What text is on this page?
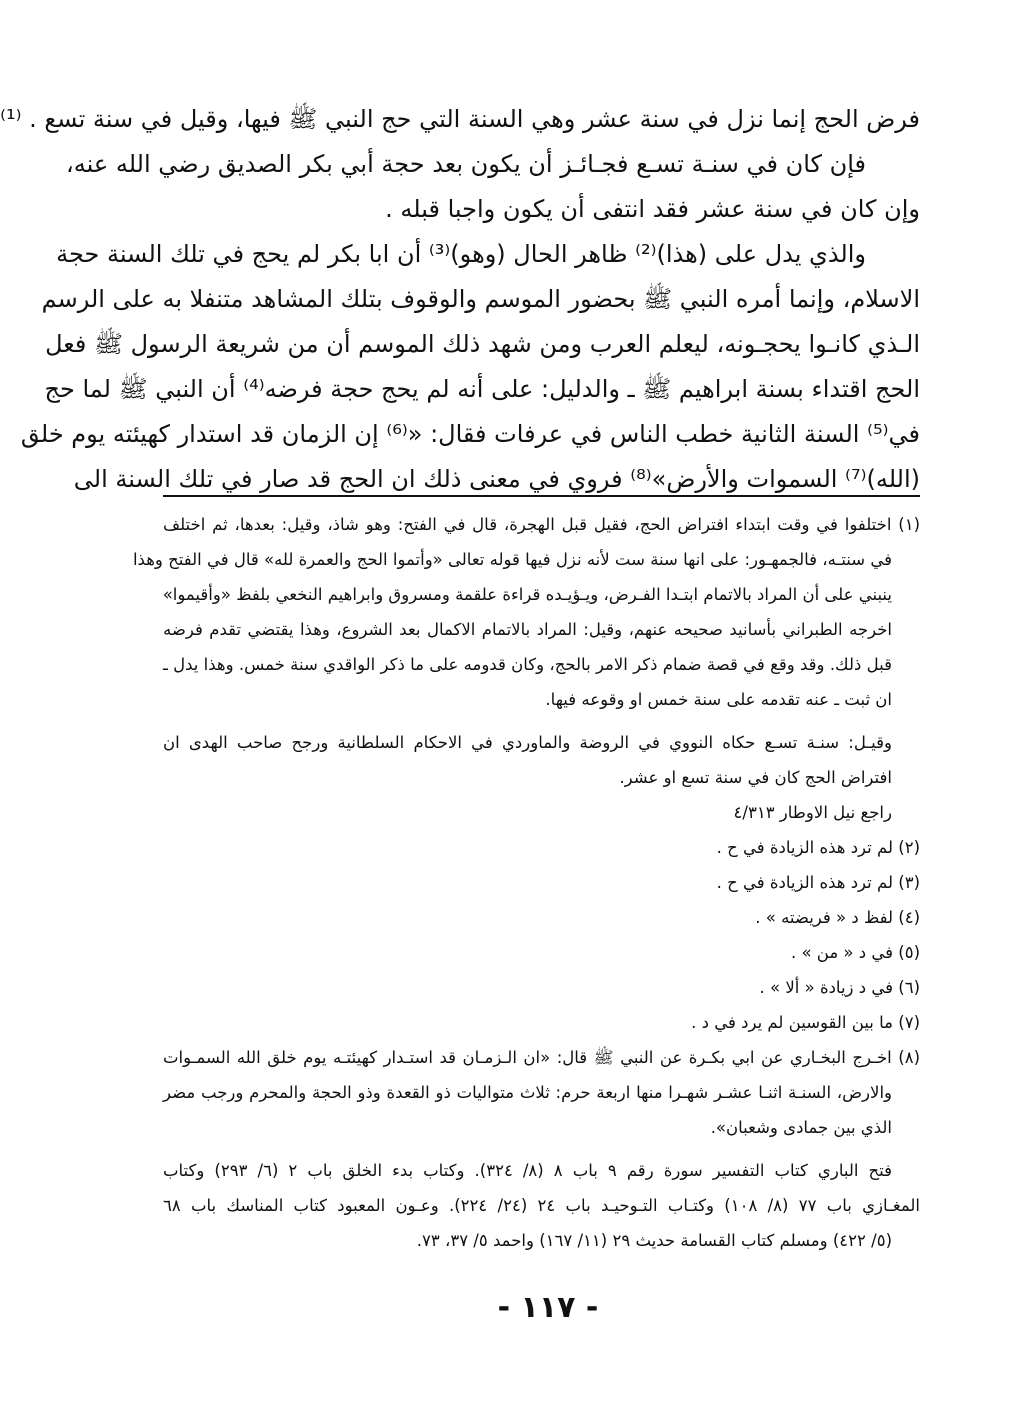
فرض الحج إنما نزل في سنة عشر وهي السنة التي حج النبي ﷺ فيها، وقيل في سنة تسع . ⁽¹⁾
فإن كان في سنـة تسـع فجـائـز أن يكون بعد حجة أبي بكر الصديق رضي الله عنه،
وإن كان في سنة عشر فقد انتفى أن يكون واجبا قبله .
والذي يدل على (هذا)⁽²⁾ ظاهر الحال (وهو)⁽³⁾ أن ابا بكر لم يحج في تلك السنة حجة
الاسلام، وإنما أمره النبي ﷺ بحضور الموسم والوقوف بتلك المشاهد متنفلا به على الرسم
الـذي كانـوا يحجـونه، ليعلم العرب ومن شهد ذلك الموسم أن من شريعة الرسول ﷺ فعل
الحج اقتداء بسنة ابراهيم ﷺ ـ والدليل: على أنه لم يحج حجة فرضه⁽⁴⁾ أن النبي ﷺ لما حج
في⁽⁵⁾ السنة الثانية خطب الناس في عرفات فقال: «⁽⁶⁾ إن الزمان قد استدار كهيئته يوم خلق
(الله)⁽⁷⁾ السموات والأرض»⁽⁸⁾ فروي في معنى ذلك ان الحج قد صار في تلك السنة الى
(١) اختلفوا في وقت ابتداء افتراض الحج، فقيل قبل الهجرة، قال في الفتح: وهو شاذ، وقيل: بعدها، ثم اختلف
في سنتـه، فالجمهـور: على انها سنة ست لأنه نزل فيها قوله تعالى «وأتموا الحج والعمرة لله» قال في الفتح وهذا
ينبني على أن المراد بالاتمام ابتـدا الفـرض، ويـؤيـده قراءة علقمة ومسروق وابراهيم النخعي بلفظ «وأقيموا»
اخرجه الطبراني بأسانيد صحيحه عنهم، وقيل: المراد بالاتمام الاكمال بعد الشروع، وهذا يقتضي تقدم فرضه
قبل ذلك. وقد وقع في قصة ضمام ذكر الامر بالحج، وكان قدومه على ما ذكر الواقدي سنة خمس. وهذا يدل ـ
ان ثبت ـ عنه تقدمه على سنة خمس او وقوعه فيها.
وقيـل: سنـة تسـع حكاه النووي في الروضة والماوردي في الاحكام السلطانية ورجح صاحب الهدى ان
افتراض الحج كان في سنة تسع او عشر.
راجع نيل الاوطار ٤/٣١٣
(٢) لم ترد هذه الزيادة في ح .
(٣) لم ترد هذه الزيادة في ح .
(٤) لفظ د « فريضته » .
(٥) في د « من » .
(٦) في د زيادة « ألا » .
(٧) ما بين القوسين لم يرد في د .
(٨) اخـرج البخـاري عن ابي بكـرة عن النبي ﷺ قال: «ان الـزمـان قد استـدار كهيئتـه يوم خلق الله السمـوات
والارض، السنـة اثنـا عشـر شهـرا منها اربعة حرم: ثلاث متواليات ذو القعدة وذو الحجة والمحرم ورجب مضر
الذي بين جمادى وشعبان».
فتح الباري كتاب التفسير سورة رقم ٩ باب ٨ (٨/ ٣٢٤). وكتاب بدء الخلق باب ٢ (٦/ ٢٩٣) وكتاب
المغـازي باب ٧٧ (٨/ ١٠٨) وكتـاب التـوحيـد باب ٢٤ (٢٤/ ٢٢٤). وعـون المعبود كتاب المناسك باب ٦٨
(٥/ ٤٢٢) ومسلم كتاب القسامة حديث ٢٩ (١١/ ١٦٧) واحمد ٥/ ٣٧، ٧٣.
- ١١٧ -
